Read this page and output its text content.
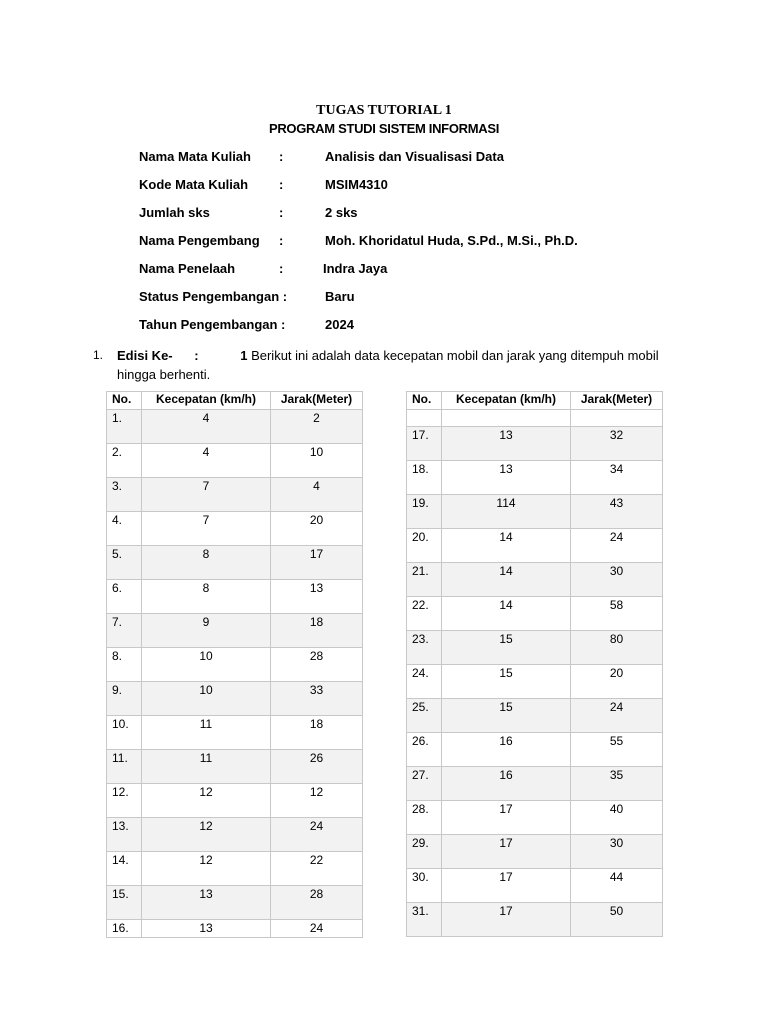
TUGAS TUTORIAL 1
PROGRAM STUDI SISTEM INFORMASI
Nama Mata Kuliah :	Analisis dan Visualisasi Data
Kode Mata Kuliah :	MSIM4310
Jumlah sks	:	2 sks
Nama Pengembang :	Moh. Khoridatul Huda, S.Pd., M.Si., Ph.D.
Nama Penelaah	:	Indra Jaya
Status Pengembangan :	Baru
Tahun Pengembangan :	2024
1. Edisi Ke- :	1 Berikut ini adalah data kecepatan mobil dan jarak yang ditempuh mobil hingga berhenti.
No.	Kecepatan (km/h)	Jarak(Meter)
1.	4	2
2.	4	10
3.	7	4
4.	7	20
5.	8	17
6.	8	13
7.	9	18
8.	10	28
9.	10	33
10.	11	18
11.	11	26
12.	12	12
13.	12	24
14.	12	22
15.	13	28
16.	13	24
No.	Kecepatan (km/h)	Jarak(Meter)

17.	13	32
18.	13	34
19.	114	43
20.	14	24
21.	14	30
22.	14	58
23.	15	80
24.	15	20
25.	15	24
26.	16	55
27.	16	35
28.	17	40
29.	17	30
30.	17	44
31.	17	50
